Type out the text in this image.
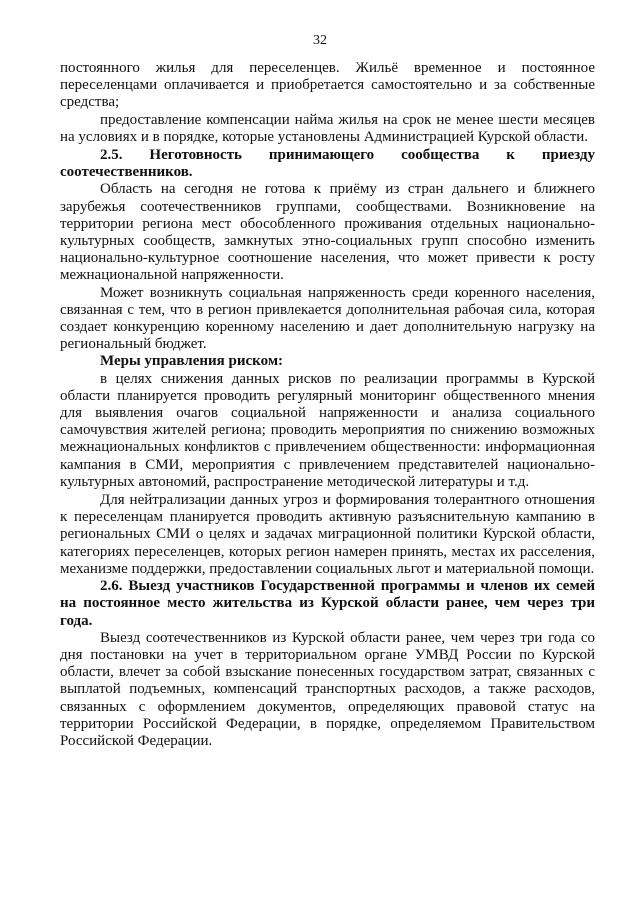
32

постоянного жилья для переселенцев. Жильё временное и постоянное переселенцами оплачивается и приобретается самостоятельно и за собственные средства;

предоставление компенсации найма жилья на срок не менее шести месяцев на условиях и в порядке, которые установлены Администрацией Курской области.

2.5. Неготовность принимающего сообщества к приезду соотечественников.

Область на сегодня не готова к приёму из стран дальнего и ближнего зарубежья соотечественников группами, сообществами. Возникновение на территории региона мест обособленного проживания отдельных национально-культурных сообществ, замкнутых этно-социальных групп способно изменить национально-культурное соотношение населения, что может привести к росту межнациональной напряженности.

Может возникнуть социальная напряженность среди коренного населения, связанная с тем, что в регион привлекается дополнительная рабочая сила, которая создает конкуренцию коренному населению и дает дополнительную нагрузку на региональный бюджет.

Меры управления риском:

в целях снижения данных рисков по реализации программы в Курской области планируется проводить регулярный мониторинг общественного мнения для выявления очагов социальной напряженности и анализа социального самочувствия жителей региона; проводить мероприятия по снижению возможных межнациональных конфликтов с привлечением общественности: информационная кампания в СМИ, мероприятия с привлечением представителей национально-культурных автономий, распространение методической литературы и т.д.

Для нейтрализации данных угроз и формирования толерантного отношения к переселенцам планируется проводить активную разъяснительную кампанию в региональных СМИ о целях и задачах миграционной политики Курской области, категориях переселенцев, которых регион намерен принять, местах их расселения, механизме поддержки, предоставлении социальных льгот и материальной помощи.

2.6. Выезд участников Государственной программы и членов их семей на постоянное место жительства из Курской области ранее, чем через три года.

Выезд соотечественников из Курской области ранее, чем через три года со дня постановки на учет в территориальном органе УМВД России по Курской области, влечет за собой взыскание понесенных государством затрат, связанных с выплатой подъемных, компенсаций транспортных расходов, а также расходов, связанных с оформлением документов, определяющих правовой статус на территории Российской Федерации, в порядке, определяемом Правительством Российской Федерации.
